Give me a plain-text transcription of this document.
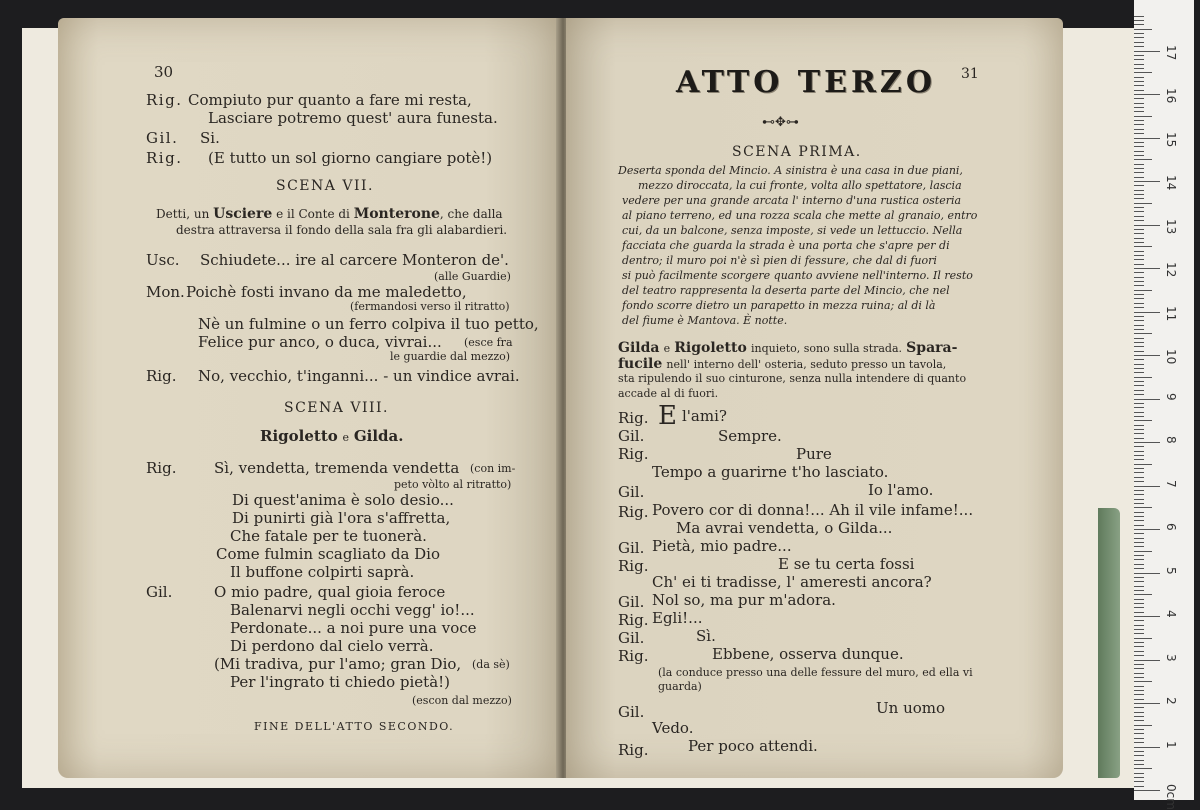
30
Rig. Compiuto pur quanto a fare mi resta,
Lasciare potremo quest' aura funesta.
Gil. Si.
Rig. (E tutto un sol giorno cangiare potè!)
SCENA VII.
Detti, un Usciere e il Conte di Monterone, che dalla
destra attraversa il fondo della sala fra gli alabardieri.
Usc. Schiudete... ire al carcere Monteron de'.
(alle Guardie)
Mon. Poichè fosti invano da me maledetto,
(fermandosi verso il ritratto)
Nè un fulmine o un ferro colpiva il tuo petto,
Felice pur anco, o duca, vivrai... (esce fra
le guardie dal mezzo)
Rig. No, vecchio, t'inganni... - un vindice avrai.
SCENA VIII.
Rigoletto e Gilda.
Rig.	Sì, vendetta, tremenda vendetta (con im-
peto vòlto al ritratto)
Di quest'anima è solo desio...
Di punirti già l'ora s'affretta,
Che fatale per te tuonerà.
Come fulmin scagliato da Dio
Il buffone colpirti saprà.
Gil.	O mio padre, qual gioia feroce
Balenarvi negli occhi vegg' io!...
Perdonate... a noi pure una voce
Di perdono dal cielo verrà.
(Mi tradiva, pur l'amo; gran Dio, (da sè)
Per l'ingrato ti chiedo pietà!)
(escon dal mezzo)
FINE DELL'ATTO SECONDO.
31
ATTO TERZO
⊷✥⊶
SCENA PRIMA.
Deserta sponda del Mincio. A sinistra è una casa in due piani,
mezzo diroccata, la cui fronte, volta allo spettatore, lascia
vedere per una grande arcata l' interno d'una rustica osteria
al piano terreno, ed una rozza scala che mette al granaio, entro
cui, da un balcone, senza imposte, si vede un lettuccio. Nella
facciata che guarda la strada è una porta che s'apre per di
dentro; il muro poi n'è sì pien di fessure, che dal di fuori
si può facilmente scorgere quanto avviene nell'interno. Il resto
del teatro rappresenta la deserta parte del Mincio, che nel
fondo scorre dietro un parapetto in mezza ruina; al di là
del fiume è Mantova. È notte.
Gilda e Rigoletto inquieto, sono sulla strada. Spara-
fucile nell' interno dell' osteria, seduto presso un tavola,
sta ripulendo il suo cinturone, senza nulla intendere di quanto
accade al di fuori.
Rig. E l'ami?
Gil.	Sempre.
Rig.	Pure
Tempo a guarirne t'ho lasciato.
Gil.	Io l'amo.
Rig. Povero cor di donna!... Ah il vile infame!...
Ma avrai vendetta, o Gilda...
Gil. Pietà, mio padre...
Rig.	E se tu certa fossi
Ch' ei ti tradisse, l' ameresti ancora?
Gil. Nol so, ma pur m'adora.
Rig. Egli!...
Gil.	Sì.
Rig.	Ebbene, osserva dunque.
(la conduce presso una delle fessure del muro, ed ella vi
guarda)
Gil.	Un uomo
Vedo.
Rig.	Per poco attendi.
0cm
1
2
3
4
5
6
7
8
9
10
11
12
13
14
15
16
17
